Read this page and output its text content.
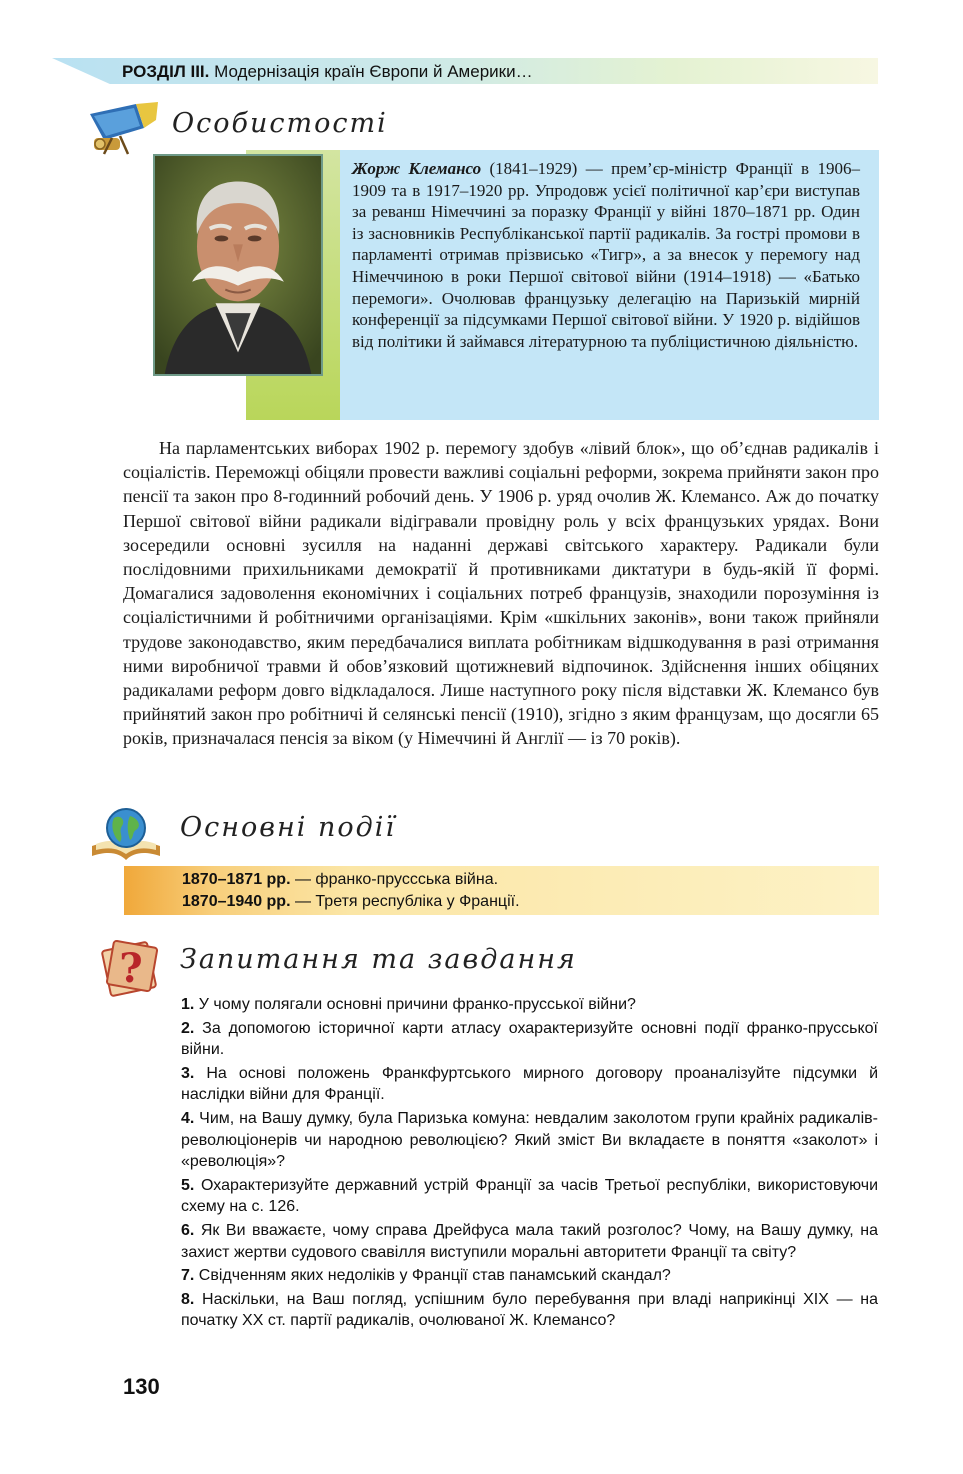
РОЗДІЛ ІІІ. Модернізація країн Європи й Америки…
Особистості
Жорж Клемансо (1841–1929) — прем’єр-міністр Франції в 1906–1909 та в 1917–1920 рр. Упродовж усієї політичної кар’єри виступав за реванш Німеччині за поразку Франції у війні 1870–1871 рр. Один із засновників Республіканської партії радикалів. За гострі промови в парламенті отримав прізвисько «Тигр», а за внесок у перемогу над Німеччиною в роки Першої світової війни (1914–1918) — «Батько перемоги». Очолював французьку делегацію на Паризькій мирній конференції за підсумками Першої світової війни. У 1920 р. відійшов від політики й займався літературною та публіцистичною діяльністю.

На парламентських виборах 1902 р. перемогу здобув «лівий блок», що об’єднав радикалів і соціалістів. Переможці обіцяли провести важливі соціальні реформи, зокрема прийняти закон про пенсії та закон про 8-годинний робочий день. У 1906 р. уряд очолив Ж. Клемансо. Аж до початку Першої світової війни радикали відігравали провідну роль у всіх французьких урядах. Вони зосередили основні зусилля на наданні державі світського характеру. Радикали були послідовними прихильниками демократії й противниками диктатури в будь-якій її формі. Домагалися задоволення економічних і соціальних потреб французів, знаходили порозуміння із соціалістичними й робітничими організаціями. Крім «шкільних законів», вони також прийняли трудове законодавство, яким передбачалися виплата робітникам відшкодування в разі отримання ними виробничої травми й обов’язковий щотижневий відпочинок. Здійснення інших обіцяних радикалами реформ довго відкладалося. Лише наступного року після відставки Ж. Клемансо був прийнятий закон про робітничі й селянські пенсії (1910), згідно з яким французам, що досягли 65 років, призначалася пенсія за віком (у Німеччині й Англії — із 70 років).

Основні події
1870–1871 рр. — франко-пруссська війна.
1870–1940 рр. — Третя республіка у Франції.
? Запитання та завдання
1. У чому полягали основні причини франко-прусської війни?
2. За допомогою історичної карти атласу охарактеризуйте основні події франко-прусської війни.
3. На основі положень Франкфуртського мирного договору проаналізуйте підсумки й наслідки війни для Франції.
4. Чим, на Вашу думку, була Паризька комуна: невдалим заколотом групи крайніх радикалів-революціонерів чи народною революцією? Який зміст Ви вкладаєте в поняття «заколот» і «революція»?
5. Охарактеризуйте державний устрій Франції за часів Третьої республіки, використовуючи схему на с. 126.
6. Як Ви вважаєте, чому справа Дрейфуса мала такий розголос? Чому, на Вашу думку, на захист жертви судового свавілля виступили моральні авторитети Франції та світу?
7. Свідченням яких недоліків у Франції став панамський скандал?
8. Наскільки, на Ваш погляд, успішним було перебування при владі наприкінці XIX — на початку XX ст. партії радикалів, очолюваної Ж. Клемансо?
130
